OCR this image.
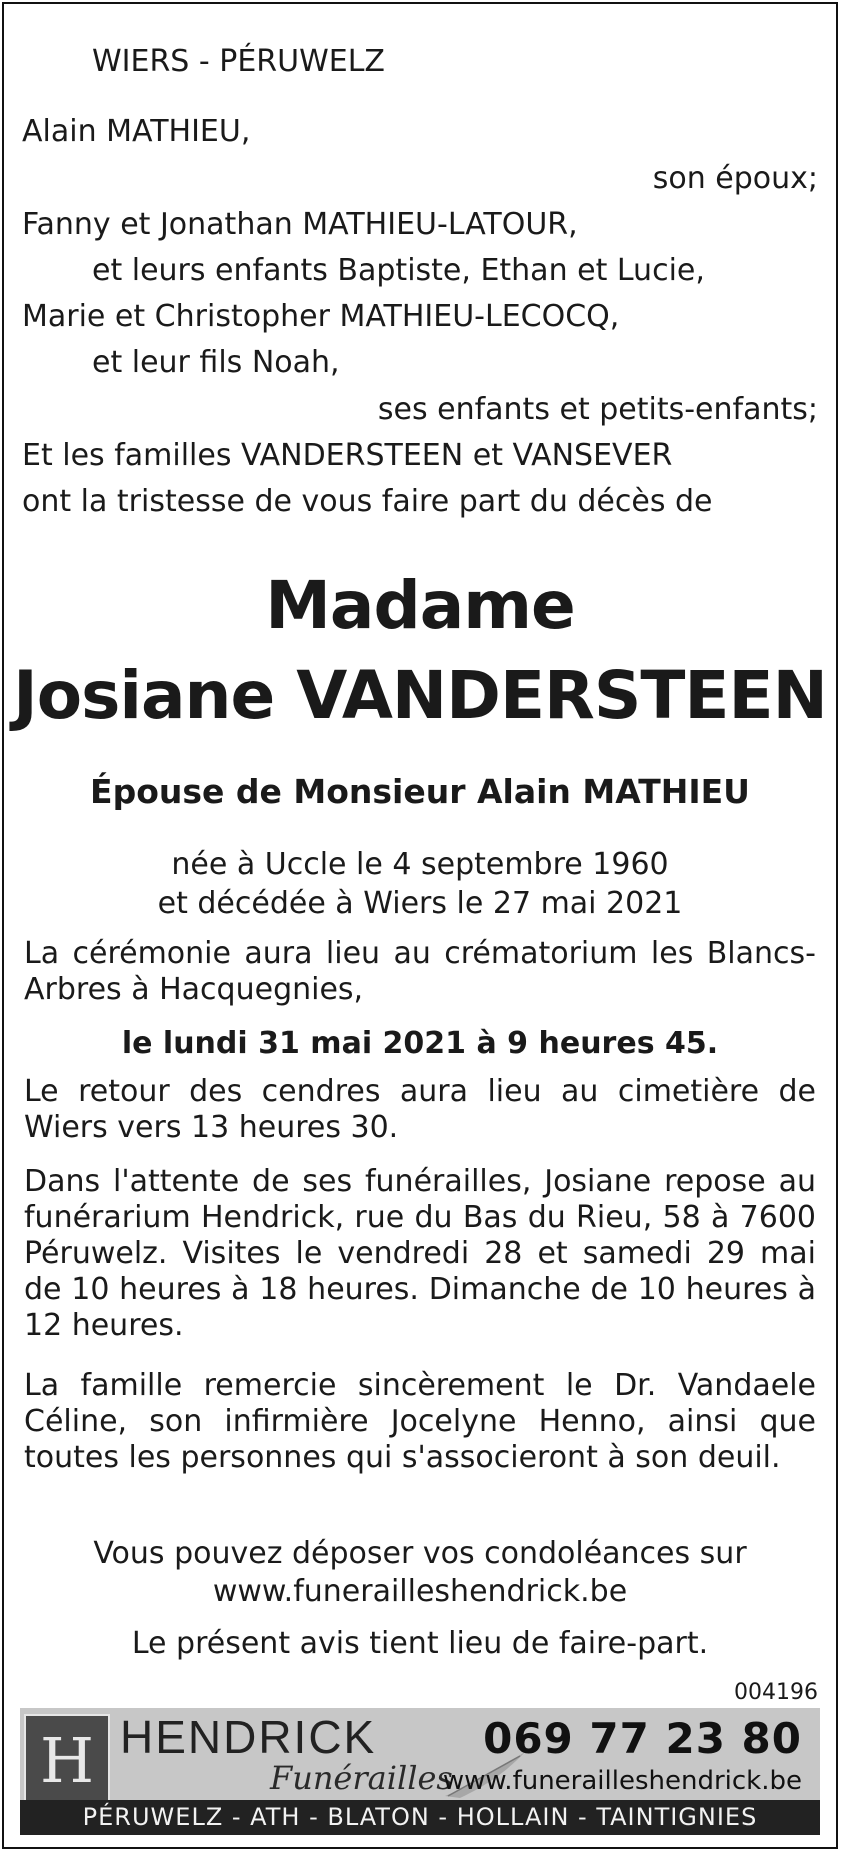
WIERS - PÉRUWELZ
Alain MATHIEU,
son époux;
Fanny et Jonathan MATHIEU-LATOUR,
et leurs enfants Baptiste, Ethan et Lucie,
Marie et Christopher MATHIEU-LECOCQ,
et leur fils Noah,
ses enfants et petits-enfants;
Et les familles VANDERSTEEN et VANSEVER
ont la tristesse de vous faire part du décès de
Madame
Josiane VANDERSTEEN
Épouse de Monsieur Alain MATHIEU
née à Uccle le 4 septembre 1960
et décédée à Wiers le 27 mai 2021
La cérémonie aura lieu au crématorium les Blancs-Arbres à Hacquegnies,
le lundi 31 mai 2021 à 9 heures 45.
Le retour des cendres aura lieu au cimetière de Wiers vers 13 heures 30.
Dans l'attente de ses funérailles, Josiane repose au funérarium Hendrick, rue du Bas du Rieu, 58 à 7600 Péruwelz. Visites le vendredi 28 et samedi 29 mai de 10 heures à 18 heures. Dimanche de 10 heures à 12 heures.
La famille remercie sincèrement le Dr. Vandaele Céline, son infirmière Jocelyne Henno, ainsi que toutes les personnes qui s'associeront à son deuil.
Vous pouvez déposer vos condoléances sur
www.funerailleshendrick.be
Le présent avis tient lieu de faire-part.
004196
H HENDRICK
Funérailles
069 77 23 80
www.funerailleshendrick.be
PÉRUWELZ - ATH - BLATON - HOLLAIN - TAINTIGNIES
